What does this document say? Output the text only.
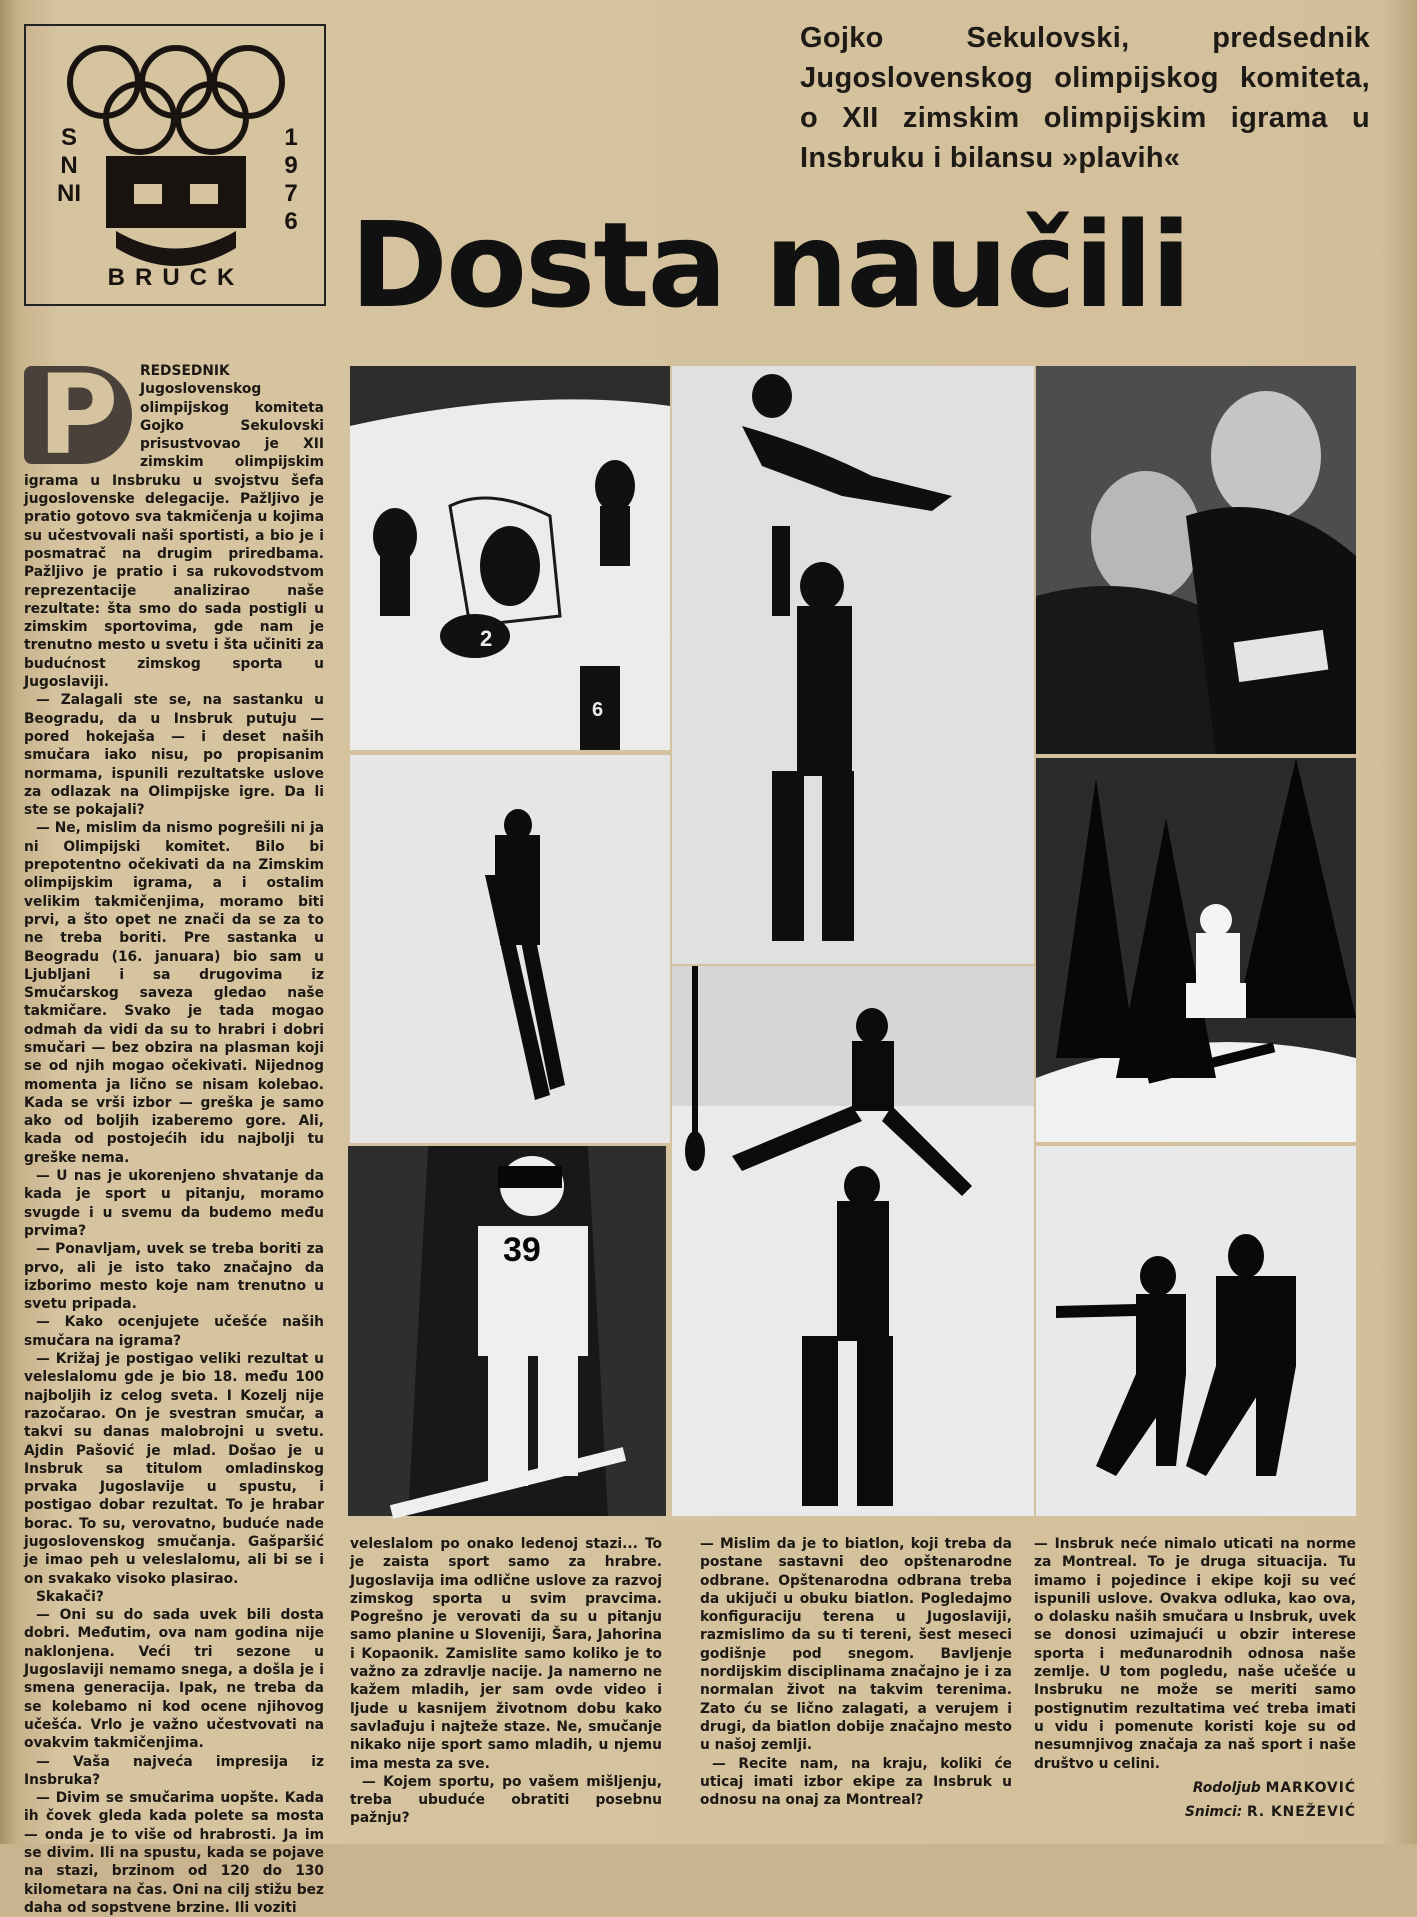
SNNI
1976
BRUCK
Gojko Sekulovski, predsednik Jugoslovenskog olimpijskog komiteta, o XII zimskim olimpijskim igrama u Insbruku i bilansu »plavih«
Dosta naučili
P	REDSEDNIK Jugoslovenskog olimpijskog komiteta Gojko Sekulovski prisustvovao je XII zimskim olimpijskim igrama u Insbruku u svojstvu šefa jugoslovenske delegacije. Pažljivo je pratio gotovo sva takmičenja u kojima su učestvovali naši sportisti, a bio je i posmatrač na drugim priredbama. Pažljivo je pratio i sa rukovodstvom reprezentacije analizirao naše rezultate: šta smo do sada postigli u zimskim sportovima, gde nam je trenutno mesto u svetu i šta učiniti za budućnost zimskog sporta u Jugoslaviji.

— Zalagali ste se, na sastanku u Beogradu, da u Insbruk putuju — pored hokejaša — i deset naših smučara iako nisu, po propisanim normama, ispunili rezultatske uslove za odlazak na Olimpijske igre. Da li ste se pokajali?

— Ne, mislim da nismo pogrešili ni ja ni Olimpijski komitet. Bilo bi prepotentno očekivati da na Zimskim olimpijskim igrama, a i ostalim velikim takmičenjima, moramo biti prvi, a što opet ne znači da se za to ne treba boriti. Pre sastanka u Beogradu (16. januara) bio sam u Ljubljani i sa drugovima iz Smučarskog saveza gledao naše takmičare. Svako je tada mogao odmah da vidi da su to hrabri i dobri smučari — bez obzira na plasman koji se od njih mogao očekivati. Nijednog momenta ja lično se nisam kolebao. Kada se vrši izbor — greška je samo ako od boljih izaberemo gore. Ali, kada od postojećih idu najbolji tu greške nema.

— U nas je ukorenjeno shvatanje da kada je sport u pitanju, moramo svugde i u svemu da budemo među prvima?

— Ponavljam, uvek se treba boriti za prvo, ali je isto tako značajno da izborimo mesto koje nam trenutno u svetu pripada.

— Kako ocenjujete učešće naših smučara na igrama?

— Križaj je postigao veliki rezultat u veleslalomu gde je bio 18. među 100 najboljih iz celog sveta. I Kozelj nije razočarao. On je svestran smučar, a takvi su danas malobrojni u svetu. Ajdin Pašović je mlad. Došao je u Insbruk sa titulom omladinskog prvaka Jugoslavije u spustu, i postigao dobar rezultat. To je hrabar borac. To su, verovatno, buduće nade jugoslovenskog smučanja. Gašparšić je imao peh u veleslalomu, ali bi se i on svakako visoko plasirao.

Skakači?

— Oni su do sada uvek bili dosta dobri. Međutim, ova nam godina nije naklonjena. Veći tri sezone u Jugoslaviji nemamo snega, a došla je i smena generacija. Ipak, ne treba da se kolebamo ni kod ocene njihovog učešća. Vrlo je važno učestvovati na ovakvim takmičenjima.

— Vaša najveća impresija iz Insbruka?

— Divim se smučarima uopšte. Kada ih čovek gleda kada polete sa mosta — onda je to više od hrabrosti. Ja im se divim. Ili na spustu, kada se pojave na stazi, brzinom od 120 do 130 kilometara na čas. Oni na cilj stižu bez daha od sopstvene brzine. Ili voziti

veleslalom po onako ledenoj stazi... To je zaista sport samo za hrabre. Jugoslavija ima odlične uslove za razvoj zimskog sporta u svim pravcima. Pogrešno je verovati da su u pitanju samo planine u Sloveniji, Šara, Jahorina i Kopaonik. Zamislite samo koliko je to važno za zdravlje nacije. Ja namerno ne kažem mladih, jer sam ovde video i ljude u kasnijem životnom dobu kako savlađuju i najteže staze. Ne, smučanje nikako nije sport samo mladih, u njemu ima mesta za sve.

— Kojem sportu, po vašem mišljenju, treba ubuduće obratiti posebnu pažnju?

— Mislim da je to biatlon, koji treba da postane sastavni deo opštenarodne odbrane. Opštenarodna odbrana treba da ukijuči u obuku biatlon. Pogledajmo konfiguraciju terena u Jugoslaviji, razmislimo da su ti tereni, šest meseci godišnje pod snegom. Bavljenje nordijskim disciplinama značajno je i za normalan život na takvim terenima. Zato ću se lično zalagati, a verujem i drugi, da biatlon dobije značajno mesto u našoj zemlji.

— Recite nam, na kraju, koliki će uticaj imati izbor ekipe za Insbruk u odnosu na onaj za Montreal?

— Insbruk neće nimalo uticati na norme za Montreal. To je druga situacija. Tu imamo i pojedince i ekipe koji su već ispunili uslove. Ovakva odluka, kao ova, o dolasku naših smučara u Insbruk, uvek se donosi uzimajući u obzir interese sporta i međunarodnih odnosa naše zemlje. U tom pogledu, naše učešće u Insbruku ne može se meriti samo postignutim rezultatima već treba imati u vidu i pomenute koristi koje su od nesumnjivog značaja za naš sport i naše društvo u celini.

Rodoljub MARKOVIĆ

Snimci: R. KNEŽEVIĆ

2
6
39
